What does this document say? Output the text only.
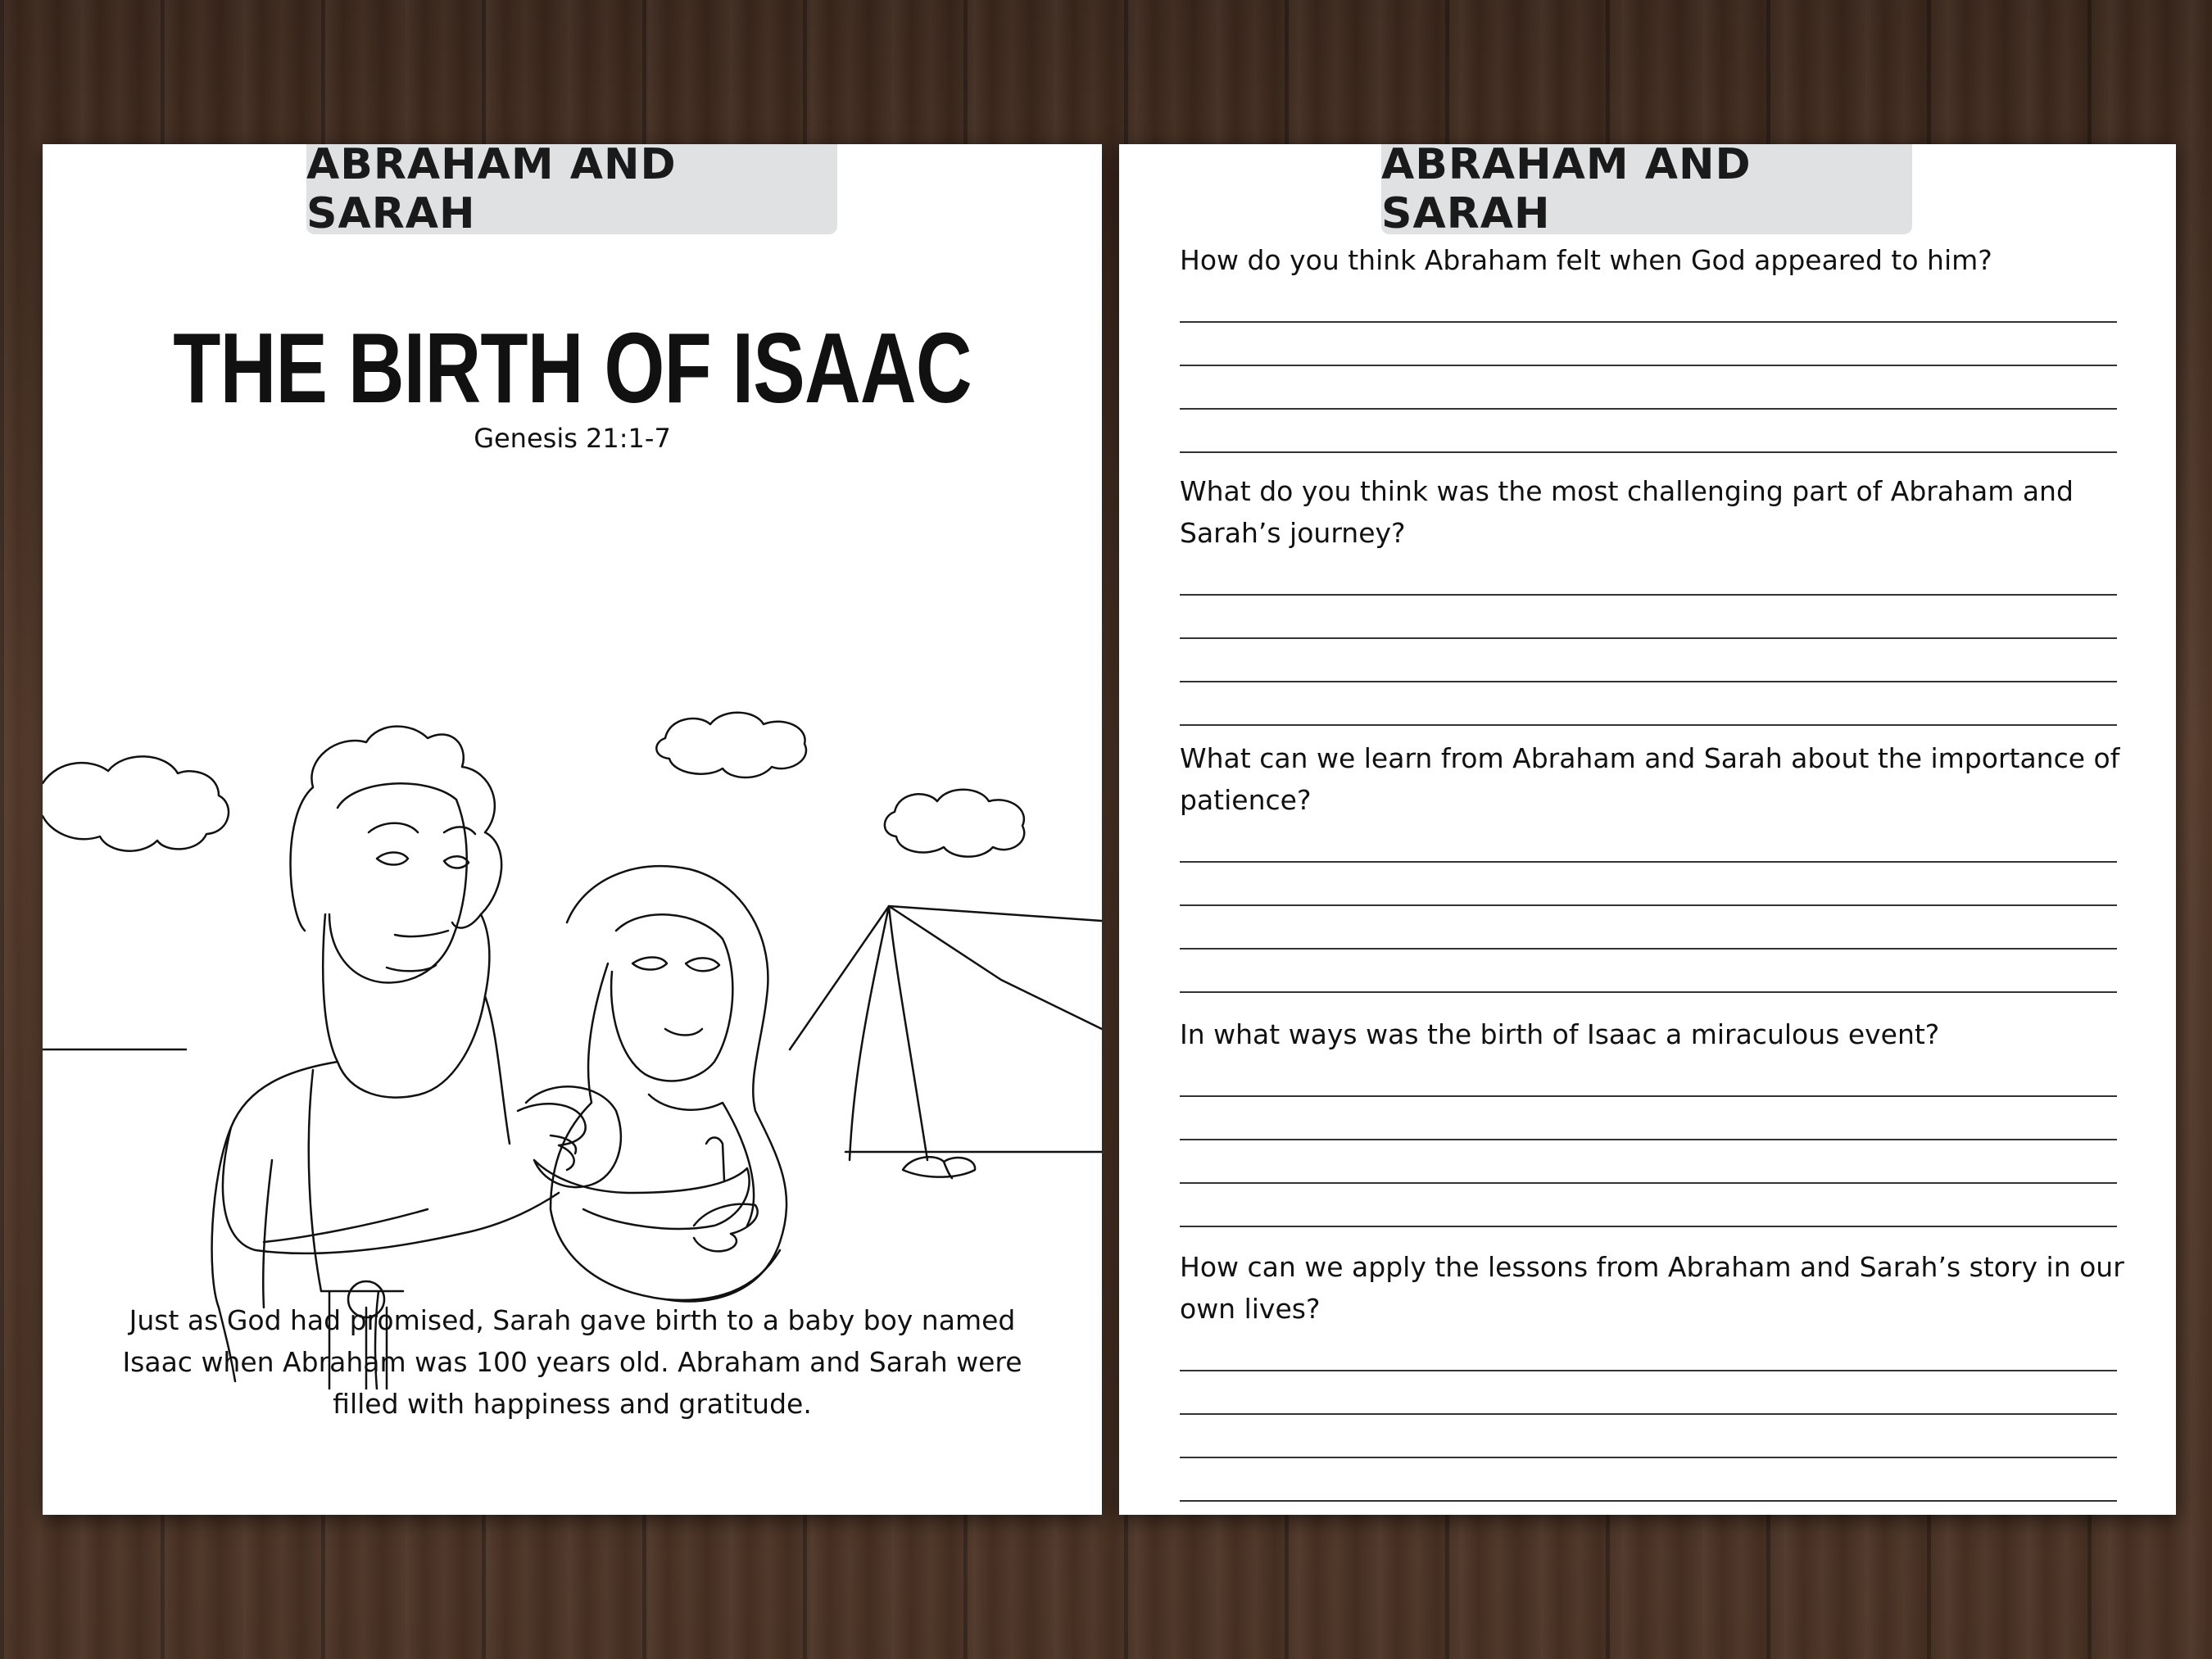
ABRAHAM AND SARAH
THE BIRTH OF ISAAC
Genesis 21:1-7
Just as God had promised, Sarah gave birth to a baby boy named Isaac when Abraham was 100 years old. Abraham and Sarah were filled with happiness and gratitude.
ABRAHAM AND SARAH
How do you think Abraham felt when God appeared to him?
What do you think was the most challenging part of Abraham and Sarah’s journey?
What can we learn from Abraham and Sarah about the importance of patience?
In what ways was the birth of Isaac a miraculous event?
How can we apply the lessons from Abraham and Sarah’s story in our own lives?
